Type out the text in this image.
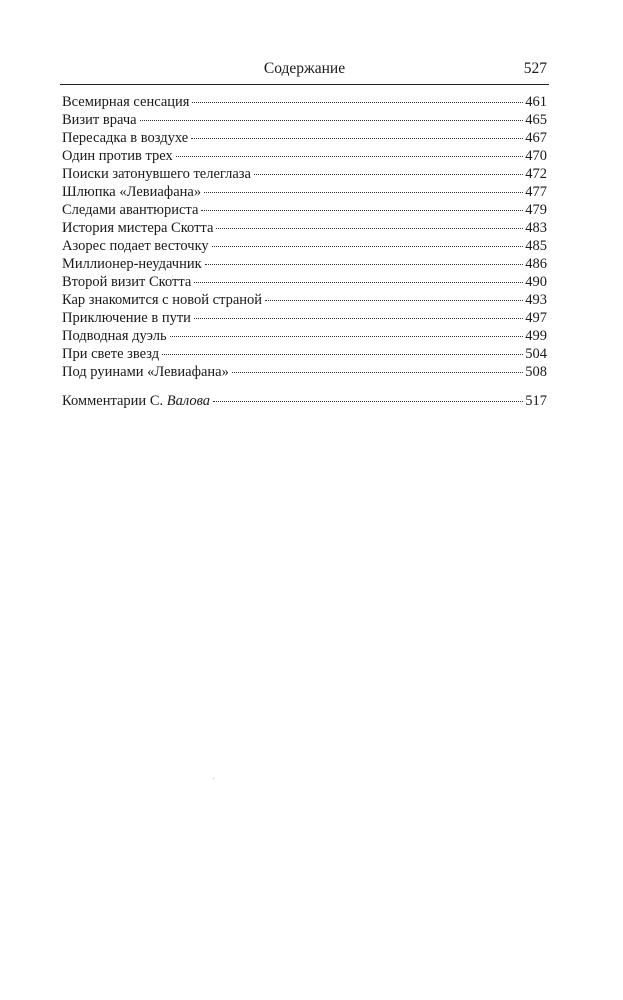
Содержание	527
Всемирная сенсация	461
Визит врача	465
Пересадка в воздухе	467
Один против трех	470
Поиски затонувшего телеглаза	472
Шлюпка «Левиафана»	477
Следами авантюриста	479
История мистера Скотта	483
Азорес подает весточку	485
Миллионер-неудачник	486
Второй визит Скотта	490
Кар знакомится с новой страной	493
Приключение в пути	497
Подводная дуэль	499
При свете звезд	504
Под руинами «Левиафана»	508
Комментарии С. Валова	517
